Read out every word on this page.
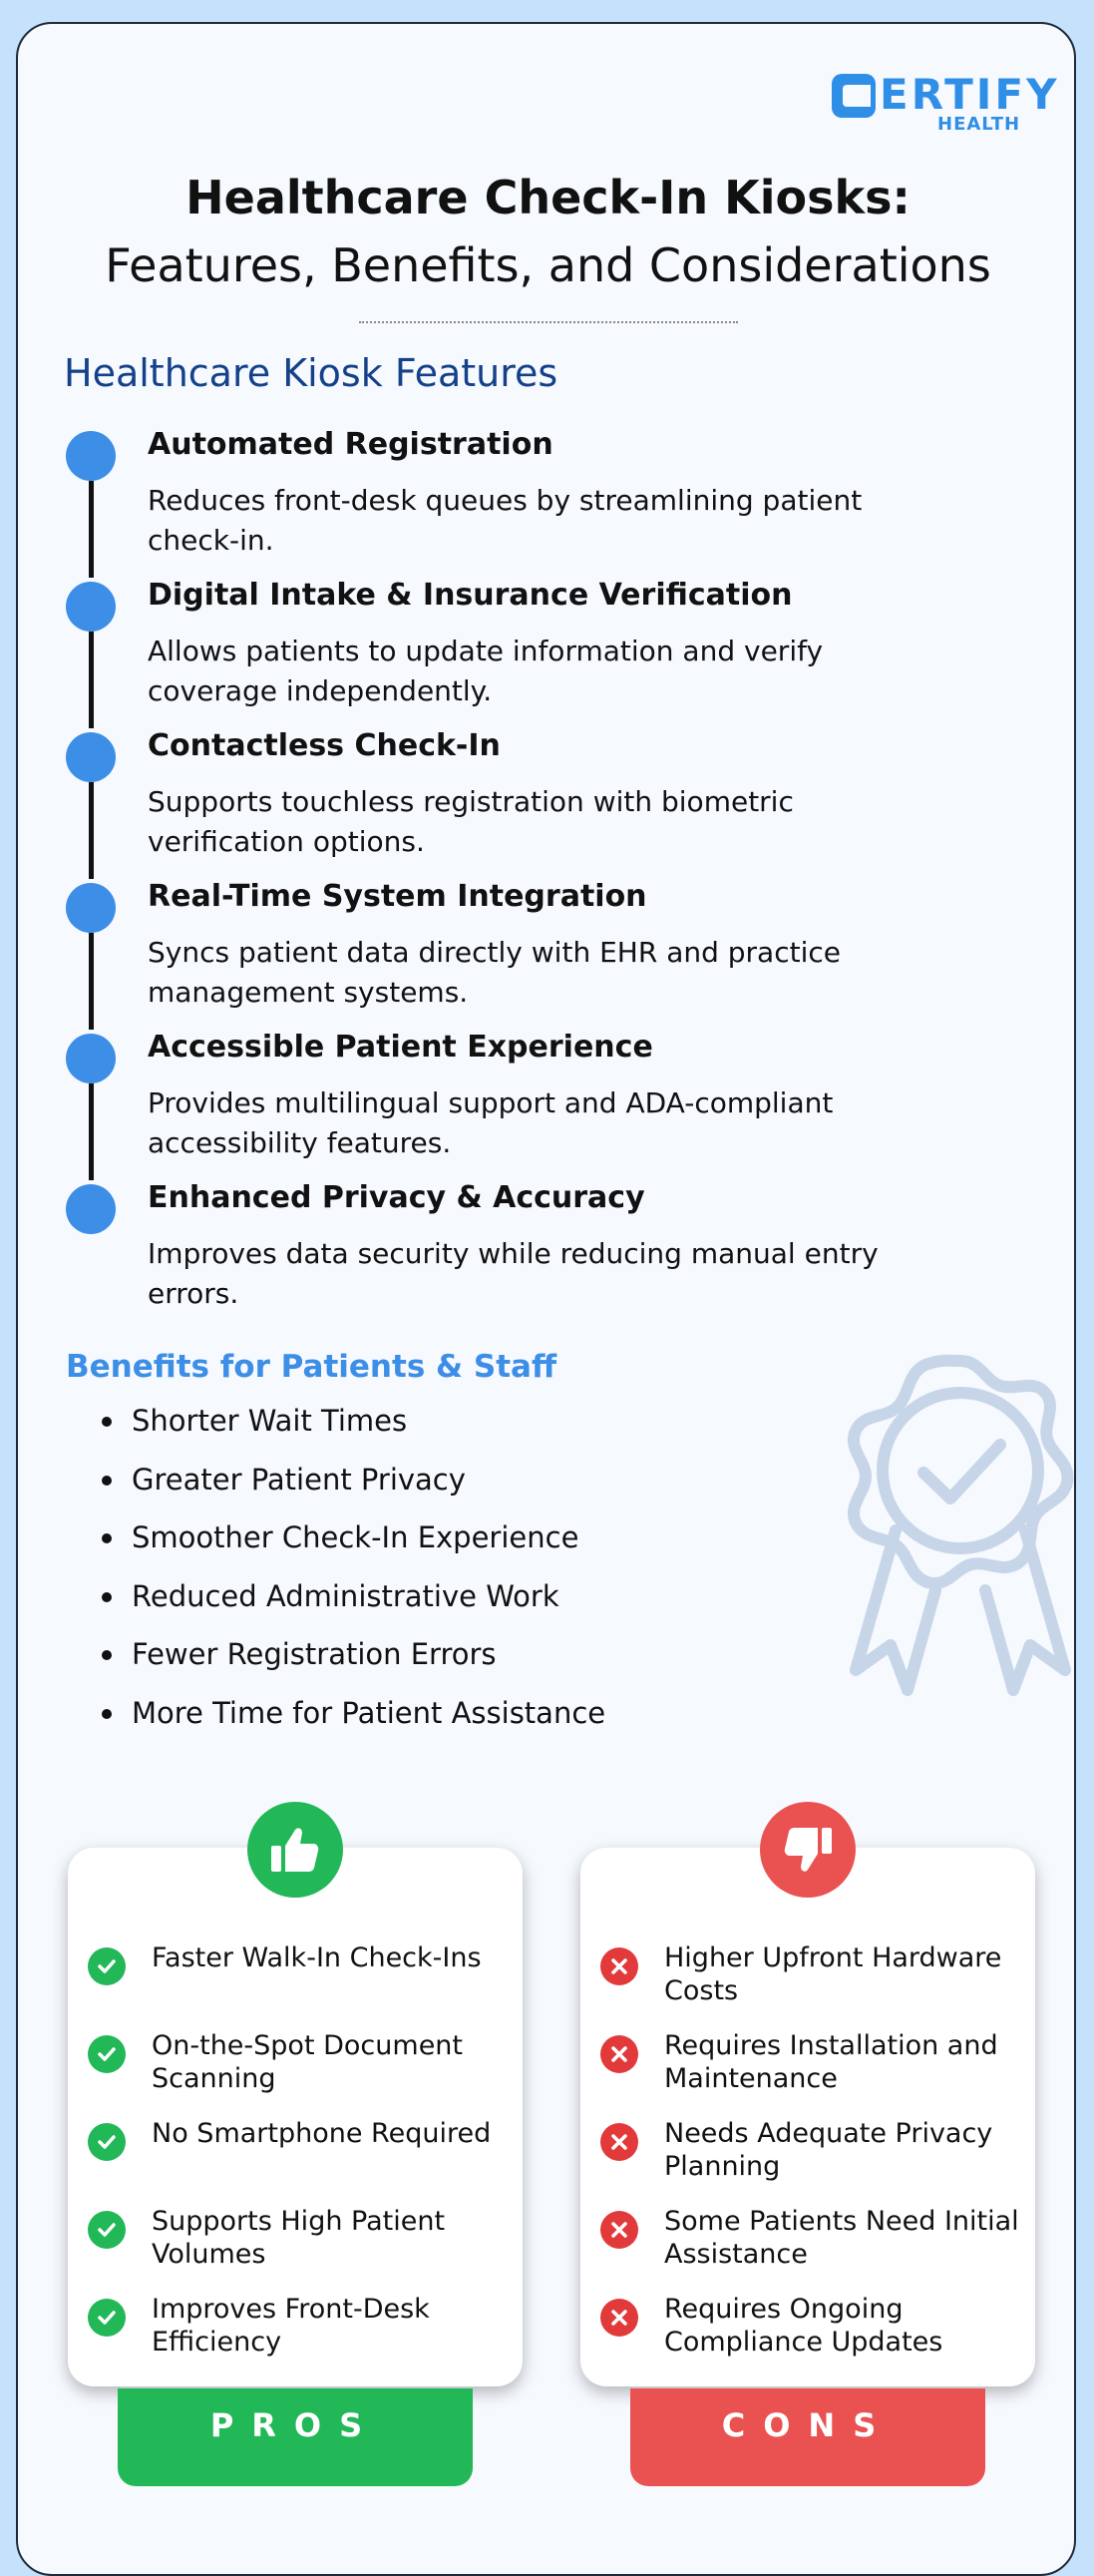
ERTIFY
HEALTH
Healthcare Check-In Kiosks:
Features, Benefits, and Considerations
Healthcare Kiosk Features
Automated Registration
Reduces front-desk queues by streamlining patient check-in.
Digital Intake & Insurance Verification
Allows patients to update information and verify coverage independently.
Contactless Check-In
Supports touchless registration with biometric verification options.
Real-Time System Integration
Syncs patient data directly with EHR and practice management systems.
Accessible Patient Experience
Provides multilingual support and ADA-compliant accessibility features.
Enhanced Privacy & Accuracy
Improves data security while reducing manual entry errors.
Benefits for Patients & Staff
Shorter Wait Times
Greater Patient Privacy
Smoother Check-In Experience
Reduced Administrative Work
Fewer Registration Errors
More Time for Patient Assistance
Faster Walk-In Check-Ins
On-the-Spot Document Scanning
No Smartphone Required
Supports High Patient Volumes
Improves Front-Desk Efficiency
PROS
Higher Upfront Hardware Costs
Requires Installation and Maintenance
Needs Adequate Privacy Planning
Some Patients Need Initial Assistance
Requires Ongoing Compliance Updates
CONS
